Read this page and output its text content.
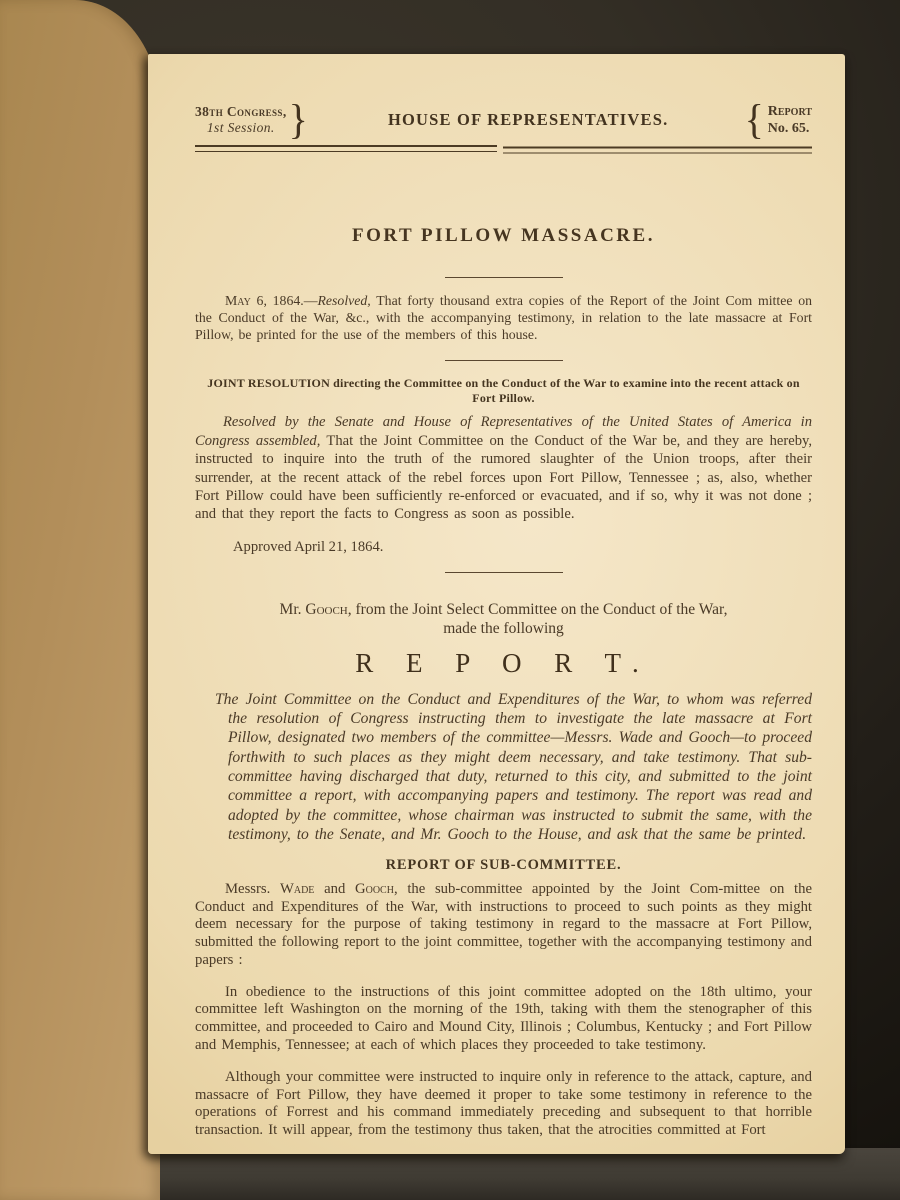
38th Congress,
1st Session. }	HOUSE OF REPRESENTATIVES.	{ Report
No. 65.
FORT PILLOW MASSACRE.

May 6, 1864.—Resolved, That forty thousand extra copies of the Report of the Joint Com mittee on the Conduct of the War, &c., with the accompanying testimony, in relation to the late massacre at Fort Pillow, be printed for the use of the members of this house.

JOINT RESOLUTION directing the Committee on the Conduct of the War to examine into the recent attack on Fort Pillow.

Resolved by the Senate and House of Representatives of the United States of America in Congress assembled, That the Joint Committee on the Conduct of the War be, and they are hereby, instructed to inquire into the truth of the rumored slaughter of the Union troops, after their surrender, at the recent attack of the rebel forces upon Fort Pillow, Tennessee ; as, also, whether Fort Pillow could have been sufficiently re-enforced or evacuated, and if so, why it was not done ; and that they report the facts to Congress as soon as possible.

Approved April 21, 1864.
Mr. Gooch, from the Joint Select Committee on the Conduct of the War,
made the following
R E P O R T.

The Joint Committee on the Conduct and Expenditures of the War, to whom was referred the resolution of Congress instructing them to investigate the late massacre at Fort Pillow, designated two members of the committee—Messrs. Wade and Gooch—to proceed forthwith to such places as they might deem necessary, and take testimony. That sub-committee having discharged that duty, returned to this city, and submitted to the joint committee a report, with accompanying papers and testimony. The report was read and adopted by the committee, whose chairman was instructed to submit the same, with the testimony, to the Senate, and Mr. Gooch to the House, and ask that the same be printed.

REPORT OF SUB-COMMITTEE.

Messrs. Wade and Gooch, the sub-committee appointed by the Joint Com-mittee on the Conduct and Expenditures of the War, with instructions to proceed to such points as they might deem necessary for the purpose of taking testimony in regard to the massacre at Fort Pillow, submitted the following report to the joint committee, together with the accompanying testimony and papers :

In obedience to the instructions of this joint committee adopted on the 18th ultimo, your committee left Washington on the morning of the 19th, taking with them the stenographer of this committee, and proceeded to Cairo and Mound City, Illinois ; Columbus, Kentucky ; and Fort Pillow and Memphis, Tennessee; at each of which places they proceeded to take testimony.

Although your committee were instructed to inquire only in reference to the attack, capture, and massacre of Fort Pillow, they have deemed it proper to take some testimony in reference to the operations of Forrest and his command immediately preceding and subsequent to that horrible transaction. It will appear, from the testimony thus taken, that the atrocities committed at Fort
